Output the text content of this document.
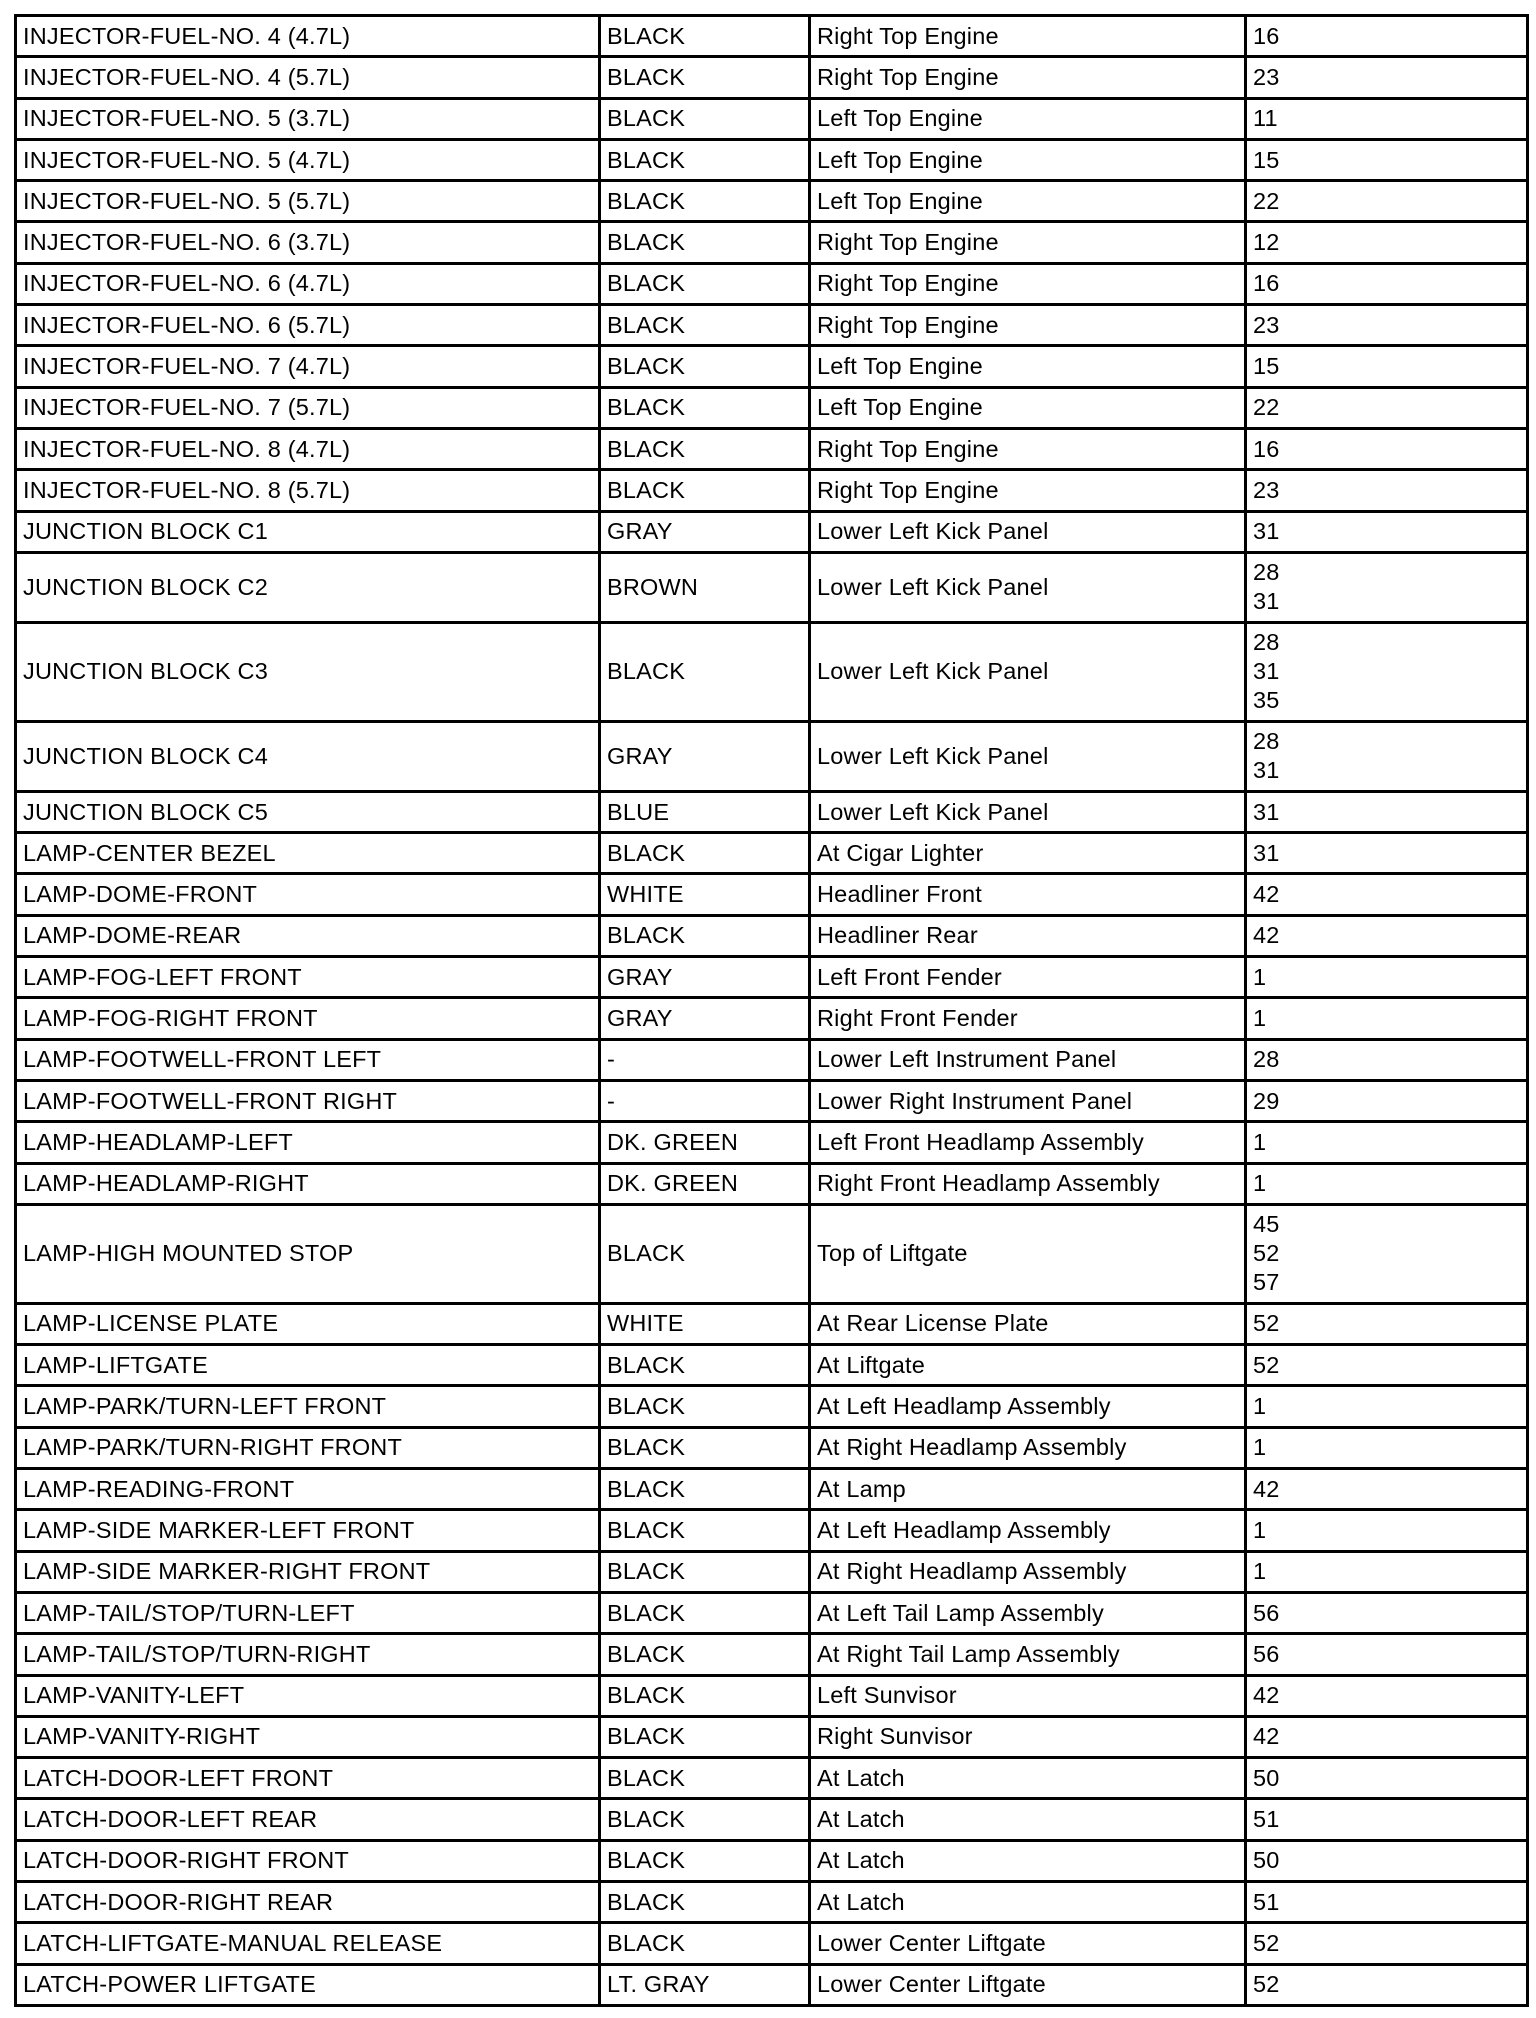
INJECTOR-FUEL-NO. 4 (4.7L)	BLACK	Right Top Engine	16

INJECTOR-FUEL-NO. 4 (5.7L)	BLACK	Right Top Engine	23

INJECTOR-FUEL-NO. 5 (3.7L)	BLACK	Left Top Engine	11

INJECTOR-FUEL-NO. 5 (4.7L)	BLACK	Left Top Engine	15

INJECTOR-FUEL-NO. 5 (5.7L)	BLACK	Left Top Engine	22

INJECTOR-FUEL-NO. 6 (3.7L)	BLACK	Right Top Engine	12

INJECTOR-FUEL-NO. 6 (4.7L)	BLACK	Right Top Engine	16

INJECTOR-FUEL-NO. 6 (5.7L)	BLACK	Right Top Engine	23

INJECTOR-FUEL-NO. 7 (4.7L)	BLACK	Left Top Engine	15

INJECTOR-FUEL-NO. 7 (5.7L)	BLACK	Left Top Engine	22

INJECTOR-FUEL-NO. 8 (4.7L)	BLACK	Right Top Engine	16

INJECTOR-FUEL-NO. 8 (5.7L)	BLACK	Right Top Engine	23

JUNCTION BLOCK C1	GRAY	Lower Left Kick Panel	31

JUNCTION BLOCK C2	BROWN	Lower Left Kick Panel	28
31

JUNCTION BLOCK C3	BLACK	Lower Left Kick Panel	28
31
35

JUNCTION BLOCK C4	GRAY	Lower Left Kick Panel	28
31

JUNCTION BLOCK C5	BLUE	Lower Left Kick Panel	31

LAMP-CENTER BEZEL	BLACK	At Cigar Lighter	31

LAMP-DOME-FRONT	WHITE	Headliner Front	42

LAMP-DOME-REAR	BLACK	Headliner Rear	42

LAMP-FOG-LEFT FRONT	GRAY	Left Front Fender	1

LAMP-FOG-RIGHT FRONT	GRAY	Right Front Fender	1

LAMP-FOOTWELL-FRONT LEFT	-	Lower Left Instrument Panel	28

LAMP-FOOTWELL-FRONT RIGHT	-	Lower Right Instrument Panel	29

LAMP-HEADLAMP-LEFT	DK. GREEN	Left Front Headlamp Assembly	1

LAMP-HEADLAMP-RIGHT	DK. GREEN	Right Front Headlamp Assembly	1

LAMP-HIGH MOUNTED STOP	BLACK	Top of Liftgate	45
52
57

LAMP-LICENSE PLATE	WHITE	At Rear License Plate	52

LAMP-LIFTGATE	BLACK	At Liftgate	52

LAMP-PARK/TURN-LEFT FRONT	BLACK	At Left Headlamp Assembly	1

LAMP-PARK/TURN-RIGHT FRONT	BLACK	At Right Headlamp Assembly	1

LAMP-READING-FRONT	BLACK	At Lamp	42

LAMP-SIDE MARKER-LEFT FRONT	BLACK	At Left Headlamp Assembly	1

LAMP-SIDE MARKER-RIGHT FRONT	BLACK	At Right Headlamp Assembly	1

LAMP-TAIL/STOP/TURN-LEFT	BLACK	At Left Tail Lamp Assembly	56

LAMP-TAIL/STOP/TURN-RIGHT	BLACK	At Right Tail Lamp Assembly	56

LAMP-VANITY-LEFT	BLACK	Left Sunvisor	42

LAMP-VANITY-RIGHT	BLACK	Right Sunvisor	42

LATCH-DOOR-LEFT FRONT	BLACK	At Latch	50

LATCH-DOOR-LEFT REAR	BLACK	At Latch	51

LATCH-DOOR-RIGHT FRONT	BLACK	At Latch	50

LATCH-DOOR-RIGHT REAR	BLACK	At Latch	51

LATCH-LIFTGATE-MANUAL RELEASE	BLACK	Lower Center Liftgate	52

LATCH-POWER LIFTGATE	LT. GRAY	Lower Center Liftgate	52
